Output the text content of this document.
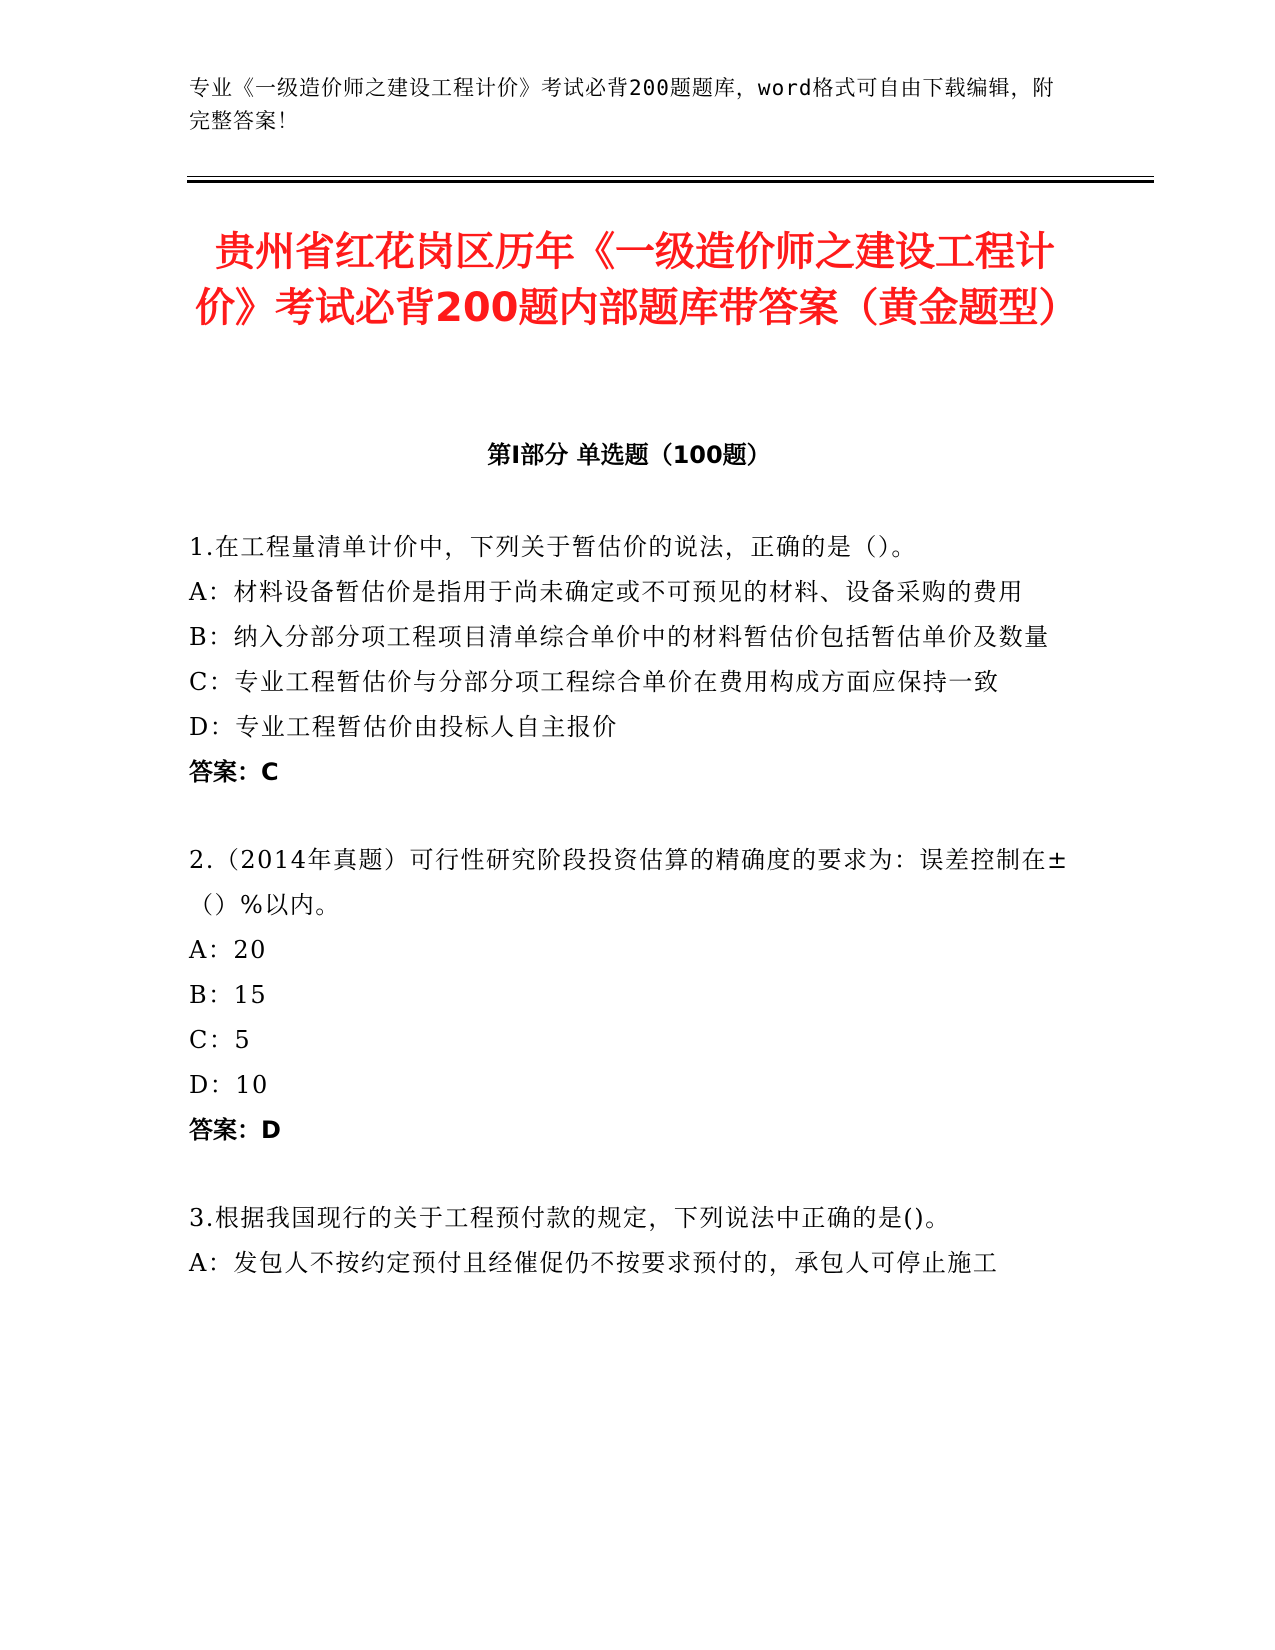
专业《一级造价师之建设工程计价》考试必背200题题库，word格式可自由下载编辑，附完整答案！
贵州省红花岗区历年《一级造价师之建设工程计价》考试必背200题内部题库带答案（黄金题型）
第Ⅰ部分 单选题（100题）
1.在工程量清单计价中，下列关于暂估价的说法，正确的是（）。
A：材料设备暂估价是指用于尚未确定或不可预见的材料、设备采购的费用
B：纳入分部分项工程项目清单综合单价中的材料暂估价包括暂估单价及数量
C：专业工程暂估价与分部分项工程综合单价在费用构成方面应保持一致
D：专业工程暂估价由投标人自主报价
答案：C
2.（2014年真题）可行性研究阶段投资估算的精确度的要求为：误差控制在±（）%以内。
A：20
B：15
C：5
D：10
答案：D
3.根据我国现行的关于工程预付款的规定，下列说法中正确的是()。
A：发包人不按约定预付且经催促仍不按要求预付的，承包人可停止施工
